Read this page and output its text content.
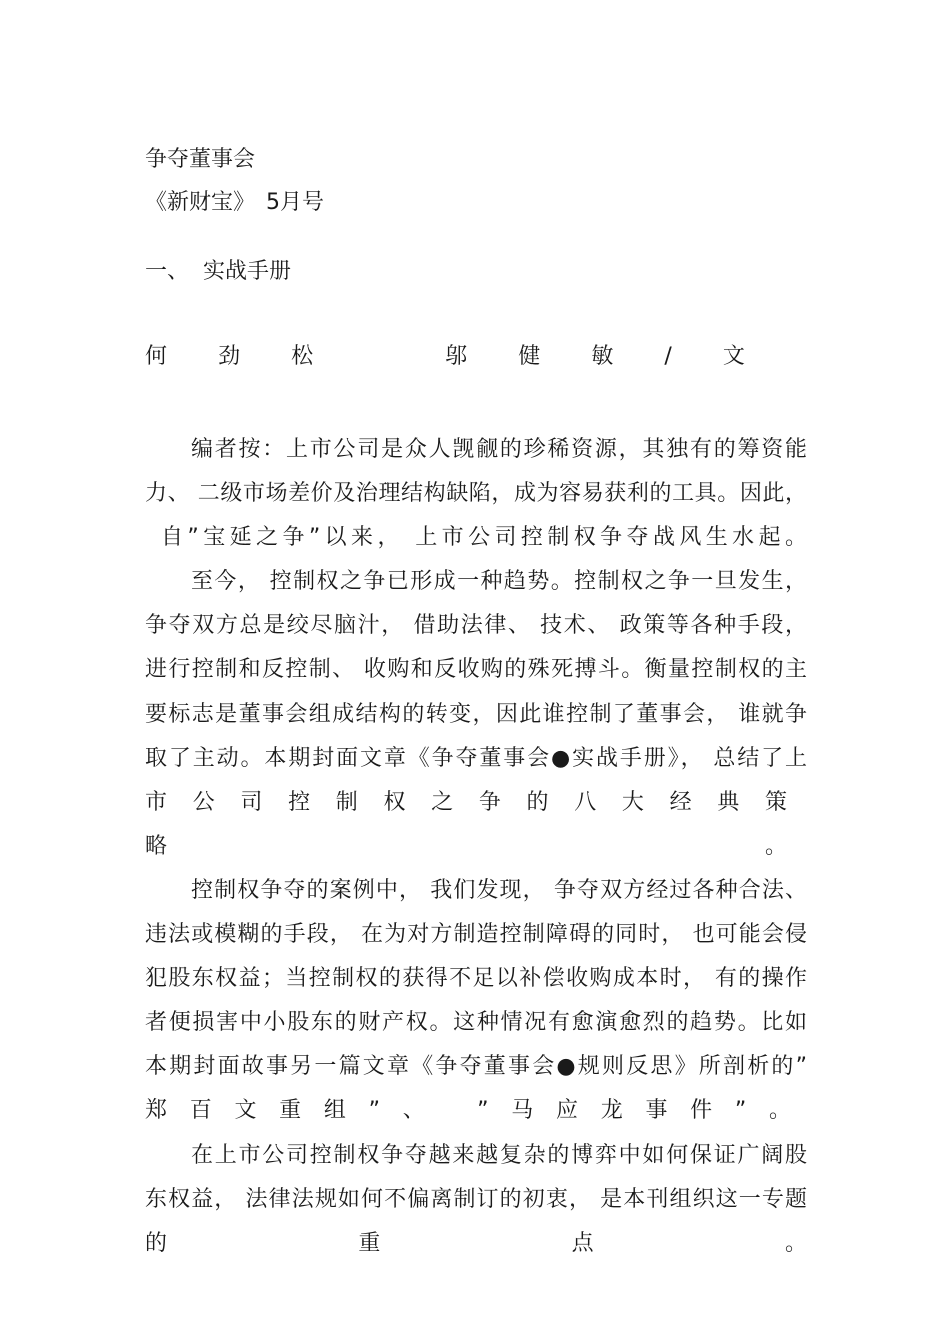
争夺董事会
《新财宝》　5月号
一、 实战手册
何 劲 松	邬 健 敏 / 文

编者按：上市公司是众人觊觎的珍稀资源，其独有的筹资能

力、 二级市场差价及治理结构缺陷，成为容易获利的工具。因此，

自”宝延之争”以来， 上市公司控制权争夺战风生水起。

至今， 控制权之争已形成一种趋势。控制权之争一旦发生，

争夺双方总是绞尽脑汁， 借助法律、 技术、 政策等各种手段，

进行控制和反控制、 收购和反收购的殊死搏斗。衡量控制权的主

要标志是董事会组成结构的转变，因此谁控制了董事会， 谁就争

取了主动。本期封面文章《争夺董事会●实战手册》， 总结了上

市公司控制权之争的八大经典策略。

控制权争夺的案例中， 我们发现， 争夺双方经过各种合法、

违法或模糊的手段， 在为对方制造控制障碍的同时， 也可能会侵

犯股东权益；当控制权的获得不足以补偿收购成本时， 有的操作

者便损害中小股东的财产权。这种情况有愈演愈烈的趋势。比如

本期封面故事另一篇文章《争夺董事会●规则反思》所剖析的”

郑百文重组”、 ”马应龙事件”。

在上市公司控制权争夺越来越复杂的博弈中如何保证广阔股

东权益， 法律法规如何不偏离制订的初衷， 是本刊组织这一专题

的重点。
